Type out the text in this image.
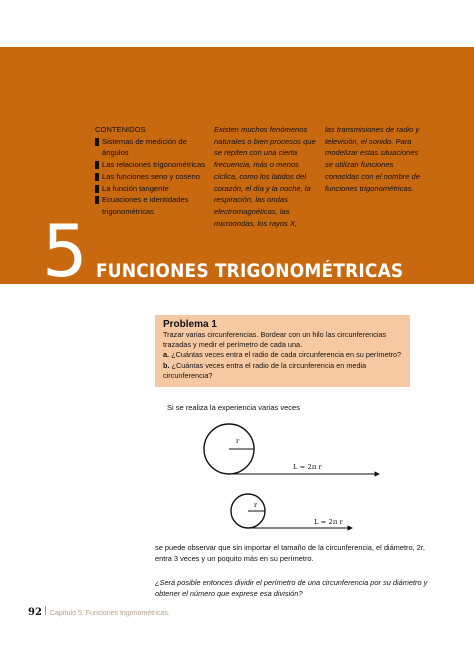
CONTENIDOS
Sistemas de medición de ángulos
Las relaciones trigonométricas
Las funciones seno y coseno
La función tangente
Ecuaciones e identidades trigonométricas
Existen muchos fenómenos naturales o bien procesos que se repiten con una cierta frecuencia, más o menos cíclica, como los latidos del corazón, el día y la noche, la respiración, las ondas electromagnéticas, las microondas, los rayos X,
las transmisiones de radio y televisión, el sonido. Para modelizar estas situaciones se utilizan funciones conocidas con el nombre de funciones trigonométricas.
5 FUNCIONES TRIGONOMÉTRICAS
Problema 1
Trazar varias circunferencias. Bordear con un hilo las circunferencias trazadas y medir el perímetro de cada una.
a. ¿Cuántas veces entra el radio de cada circunferencia en su perímetro?
b. ¿Cuántas veces entra el radio de la circunferencia en media circunferencia?
Si se realiza la experiencia varias veces
r
L = 2π r
r
L = 2π r
se puede observar que sin importar el tamaño de la circunferencia, el diámetro, 2r, entra 3 veces y un poquito más en su perímetro.
¿Será posible entonces dividir el perímetro de una circunferencia por su diámetro y obtener el número que exprese esa división?
92 Capítulo 5. Funciones trigonométricas.
